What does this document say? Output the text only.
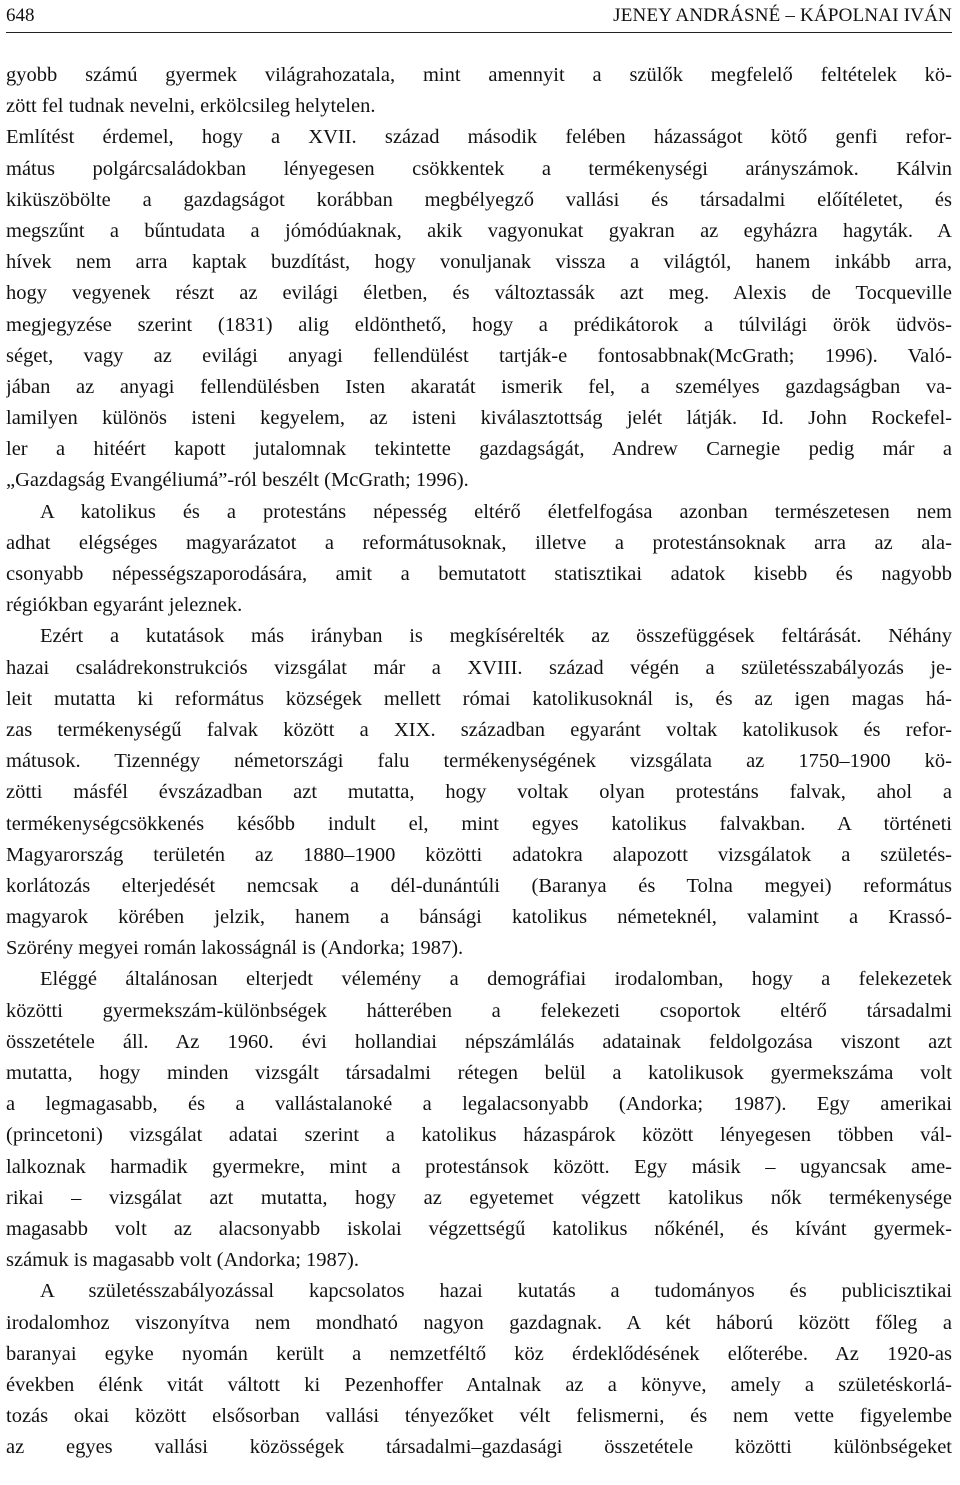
648	JENEY ANDRÁSNÉ – KÁPOLNAI IVÁN
gyobb számú gyermek világrahozatala, mint amennyit a szülők megfelelő feltételek kö-
zött fel tudnak nevelni, erkölcsileg helytelen.
Említést érdemel, hogy a XVII. század második felében házasságot kötő genfi refor-
mátus polgárcsaládokban lényegesen csökkentek a termékenységi arányszámok. Kálvin
kiküszöbölte a gazdagságot korábban megbélyegző vallási és társadalmi előítéletet, és
megszűnt a bűntudata a jómódúaknak, akik vagyonukat gyakran az egyházra hagyták. A
hívek nem arra kaptak buzdítást, hogy vonuljanak vissza a világtól, hanem inkább arra,
hogy vegyenek részt az evilági életben, és változtassák azt meg. Alexis de Tocqueville
megjegyzése szerint (1831) alig eldönthető, hogy a prédikátorok a túlvilági örök üdvös-
séget, vagy az evilági anyagi fellendülést tartják-e fontosabbnak(McGrath; 1996). Való-
jában az anyagi fellendülésben Isten akaratát ismerik fel, a személyes gazdagságban va-
lamilyen különös isteni kegyelem, az isteni kiválasztottság jelét látják. Id. John Rockefel-
ler a hitéért kapott jutalomnak tekintette gazdagságát, Andrew Carnegie pedig már a
„Gazdagság Evangéliumá”-ról beszélt (McGrath; 1996).
A katolikus és a protestáns népesség eltérő életfelfogása azonban természetesen nem
adhat elégséges magyarázatot a reformátusoknak, illetve a protestánsoknak arra az ala-
csonyabb népességszaporodására, amit a bemutatott statisztikai adatok kisebb és nagyobb
régiókban egyaránt jeleznek.
Ezért a kutatások más irányban is megkísérelték az összefüggések feltárását. Néhány
hazai családrekonstrukciós vizsgálat már a XVIII. század végén a születésszabályozás je-
leit mutatta ki református községek mellett római katolikusoknál is, és az igen magas há-
zas termékenységű falvak között a XIX. században egyaránt voltak katolikusok és refor-
mátusok. Tizennégy németországi falu termékenységének vizsgálata az 1750–1900 kö-
zötti másfél évszázadban azt mutatta, hogy voltak olyan protestáns falvak, ahol a
termékenységcsökkenés később indult el, mint egyes katolikus falvakban. A történeti
Magyarország területén az 1880–1900 közötti adatokra alapozott vizsgálatok a születés-
korlátozás elterjedését nemcsak a dél-dunántúli (Baranya és Tolna megyei) református
magyarok körében jelzik, hanem a bánsági katolikus németeknél, valamint a Krassó-
Szörény megyei román lakosságnál is (Andorka; 1987).
Eléggé általánosan elterjedt vélemény a demográfiai irodalomban, hogy a felekezetek
közötti gyermekszám-különbségek hátterében a felekezeti csoportok eltérő társadalmi
összetétele áll. Az 1960. évi hollandiai népszámlálás adatainak feldolgozása viszont azt
mutatta, hogy minden vizsgált társadalmi rétegen belül a katolikusok gyermekszáma volt
a legmagasabb, és a vallástalanoké a legalacsonyabb (Andorka; 1987). Egy amerikai
(princetoni) vizsgálat adatai szerint a katolikus házaspárok között lényegesen többen vál-
lalkoznak harmadik gyermekre, mint a protestánsok között. Egy másik – ugyancsak ame-
rikai – vizsgálat azt mutatta, hogy az egyetemet végzett katolikus nők termékenysége
magasabb volt az alacsonyabb iskolai végzettségű katolikus nőkénél, és kívánt gyermek-
számuk is magasabb volt (Andorka; 1987).
A születésszabályozással kapcsolatos hazai kutatás a tudományos és publicisztikai
irodalomhoz viszonyítva nem mondható nagyon gazdagnak. A két háború között főleg a
baranyai egyke nyomán került a nemzetféltő köz érdeklődésének előterébe. Az 1920-as
években élénk vitát váltott ki Pezenhoffer Antalnak az a könyve, amely a születéskorlá-
tozás okai között elsősorban vallási tényezőket vélt felismerni, és nem vette figyelembe
az egyes vallási közösségek társadalmi–gazdasági összetétele közötti különbségeket
